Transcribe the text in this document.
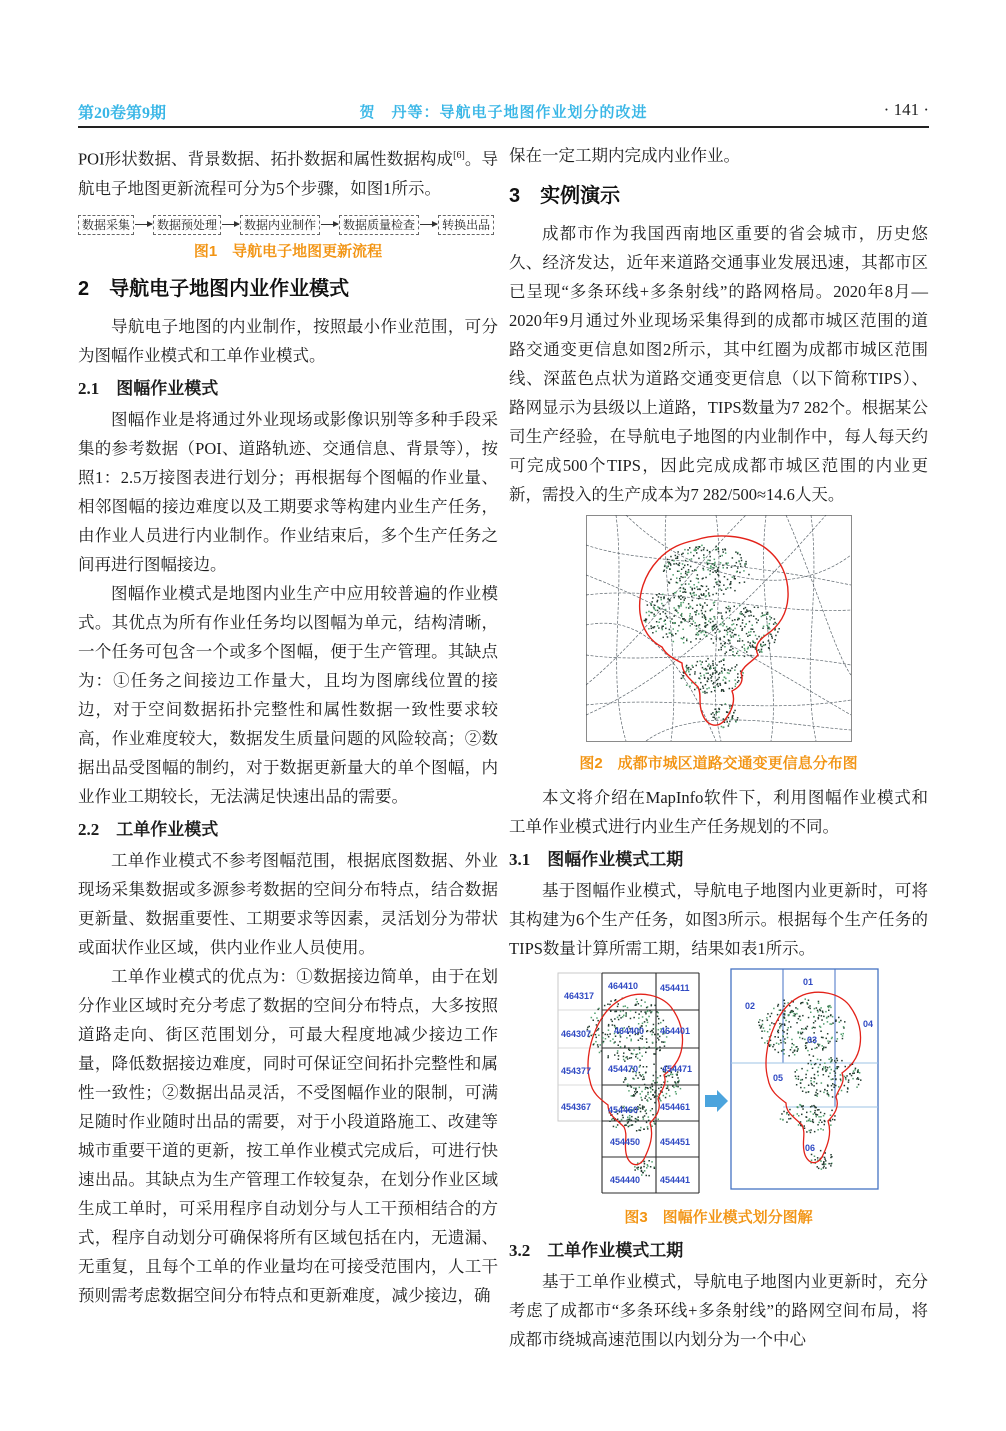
第20卷第9期	贺　丹等：导航电子地图作业划分的改进	· 141 ·

POI形状数据、背景数据、拓扑数据和属性数据构成[6]。导航电子地图更新流程可分为5个步骤，如图1所示。

数据采集	数据预处理	数据内业制作	数据质量检查	转换出品
图1　导航电子地图更新流程
2　导航电子地图内业作业模式

导航电子地图的内业制作，按照最小作业范围，可分为图幅作业模式和工单作业模式。

2.1　图幅作业模式

图幅作业是将通过外业现场或影像识别等多种手段采集的参考数据（POI、道路轨迹、交通信息、背景等），按照1：2.5万接图表进行划分；再根据每个图幅的作业量、相邻图幅的接边难度以及工期要求等构建内业生产任务，由作业人员进行内业制作。作业结束后，多个生产任务之间再进行图幅接边。

图幅作业模式是地图内业生产中应用较普遍的作业模式。其优点为所有作业任务均以图幅为单元，结构清晰，一个任务可包含一个或多个图幅，便于生产管理。其缺点为：①任务之间接边工作量大，且均为图廓线位置的接边，对于空间数据拓扑完整性和属性数据一致性要求较高，作业难度较大，数据发生质量问题的风险较高；②数据出品受图幅的制约，对于数据更新量大的单个图幅，内业作业工期较长，无法满足快速出品的需要。

2.2　工单作业模式

工单作业模式不参考图幅范围，根据底图数据、外业现场采集数据或多源参考数据的空间分布特点，结合数据更新量、数据重要性、工期要求等因素，灵活划分为带状或面状作业区域，供内业作业人员使用。

工单作业模式的优点为：①数据接边简单，由于在划分作业区域时充分考虑了数据的空间分布特点，大多按照道路走向、街区范围划分，可最大程度地减少接边工作量，降低数据接边难度，同时可保证空间拓扑完整性和属性一致性；②数据出品灵活，不受图幅作业的限制，可满足随时作业随时出品的需要，对于小段道路施工、改建等城市重要干道的更新，按工单作业模式完成后，可进行快速出品。其缺点为生产管理工作较复杂，在划分作业区域生成工单时，可采用程序自动划分与人工干预相结合的方式，程序自动划分可确保将所有区域包括在内，无遗漏、无重复，且每个工单的作业量均在可接受范围内，人工干预则需考虑数据空间分布特点和更新难度，减少接边，确

保在一定工期内完成内业作业。

3　实例演示

成都市作为我国西南地区重要的省会城市，历史悠久、经济发达，近年来道路交通事业发展迅速，其都市区已呈现“多条环线+多条射线”的路网格局。2020年8月—2020年9月通过外业现场采集得到的成都市城区范围的道路交通变更信息如图2所示，其中红圈为成都市城区范围线、深蓝色点状为道路交通变更信息（以下简称TIPS）、路网显示为县级以上道路，TIPS数量为7 282个。根据某公司生产经验，在导航电子地图的内业制作中，每人每天约可完成500个TIPS，因此完成成都市城区范围的内业更新，需投入的生产成本为7 282/500≈14.6人天。

图2　成都市城区道路交通变更信息分布图

本文将介绍在MapInfo软件下，利用图幅作业模式和工单作业模式进行内业生产任务规划的不同。

3.1　图幅作业模式工期

基于图幅作业模式，导航电子地图内业更新时，可将其构建为6个生产任务，如图3所示。根据每个生产任务的TIPS数量计算所需工期，结果如表1所示。

464317
464410 454411
464307	464400 464401
454377 454470	454471
454367 454460 454461
454450 454451
454440 454441
01
02
03
04
05
06
图3　图幅作业模式划分图解
3.2　工单作业模式工期

基于工单作业模式，导航电子地图内业更新时，充分考虑了成都市“多条环线+多条射线”的路网空间布局，将成都市绕城高速范围以内划分为一个中心
